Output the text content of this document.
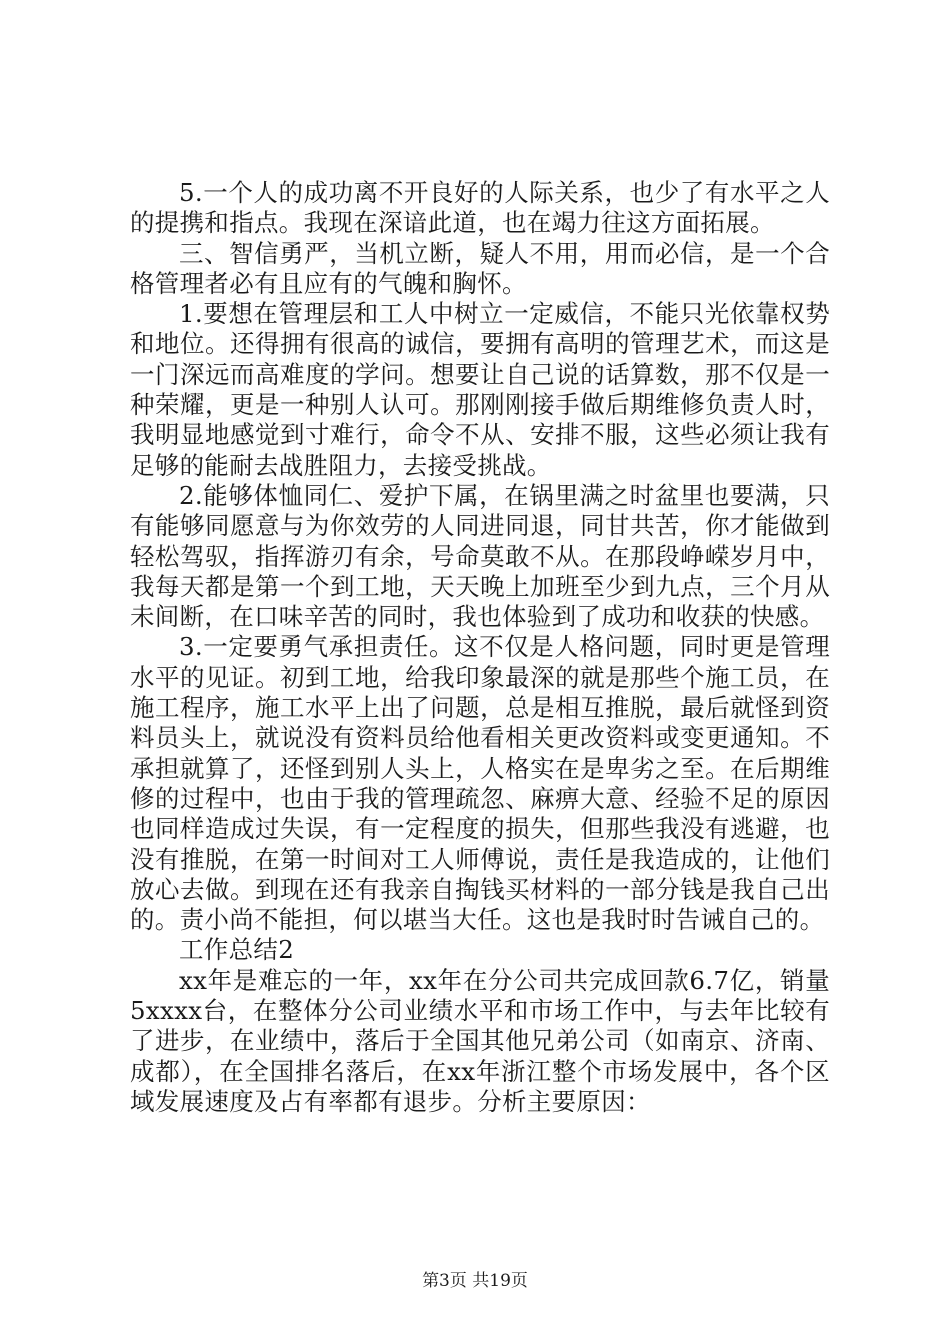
5.一个人的成功离不开良好的人际关系，也少了有水平之人的提携和指点。我现在深谙此道，也在竭力往这方面拓展。

三、智信勇严，当机立断，疑人不用，用而必信，是一个合格管理者必有且应有的气魄和胸怀。

1.要想在管理层和工人中树立一定威信，不能只光依靠权势和地位。还得拥有很高的诚信，要拥有高明的管理艺术，而这是一门深远而高难度的学问。想要让自己说的话算数，那不仅是一种荣耀，更是一种别人认可。那刚刚接手做后期维修负责人时，我明显地感觉到寸难行，命令不从、安排不服，这些必须让我有足够的能耐去战胜阻力，去接受挑战。

2.能够体恤同仁、爱护下属，在锅里满之时盆里也要满，只有能够同愿意与为你效劳的人同进同退，同甘共苦，你才能做到轻松驾驭，指挥游刃有余，号命莫敢不从。在那段峥嵘岁月中，我每天都是第一个到工地，天天晚上加班至少到九点，三个月从未间断，在口味辛苦的同时，我也体验到了成功和收获的快感。

3.一定要勇气承担责任。这不仅是人格问题，同时更是管理水平的见证。初到工地，给我印象最深的就是那些个施工员，在施工程序，施工水平上出了问题，总是相互推脱，最后就怪到资料员头上，就说没有资料员给他看相关更改资料或变更通知。不承担就算了，还怪到别人头上，人格实在是卑劣之至。在后期维修的过程中，也由于我的管理疏忽、麻痹大意、经验不足的原因也同样造成过失误，有一定程度的损失，但那些我没有逃避，也没有推脱，在第一时间对工人师傅说，责任是我造成的，让他们放心去做。到现在还有我亲自掏钱买材料的一部分钱是我自己出的。责小尚不能担，何以堪当大任。这也是我时时告诫自己的。

工作总结2

xx年是难忘的一年，xx年在分公司共完成回款6.7亿，销量5xxxx台，在整体分公司业绩水平和市场工作中，与去年比较有了进步，在业绩中，落后于全国其他兄弟公司（如南京、济南、成都），在全国排名落后，在xx年浙江整个市场发展中，各个区域发展速度及占有率都有退步。分析主要原因：

第3页 共19页
